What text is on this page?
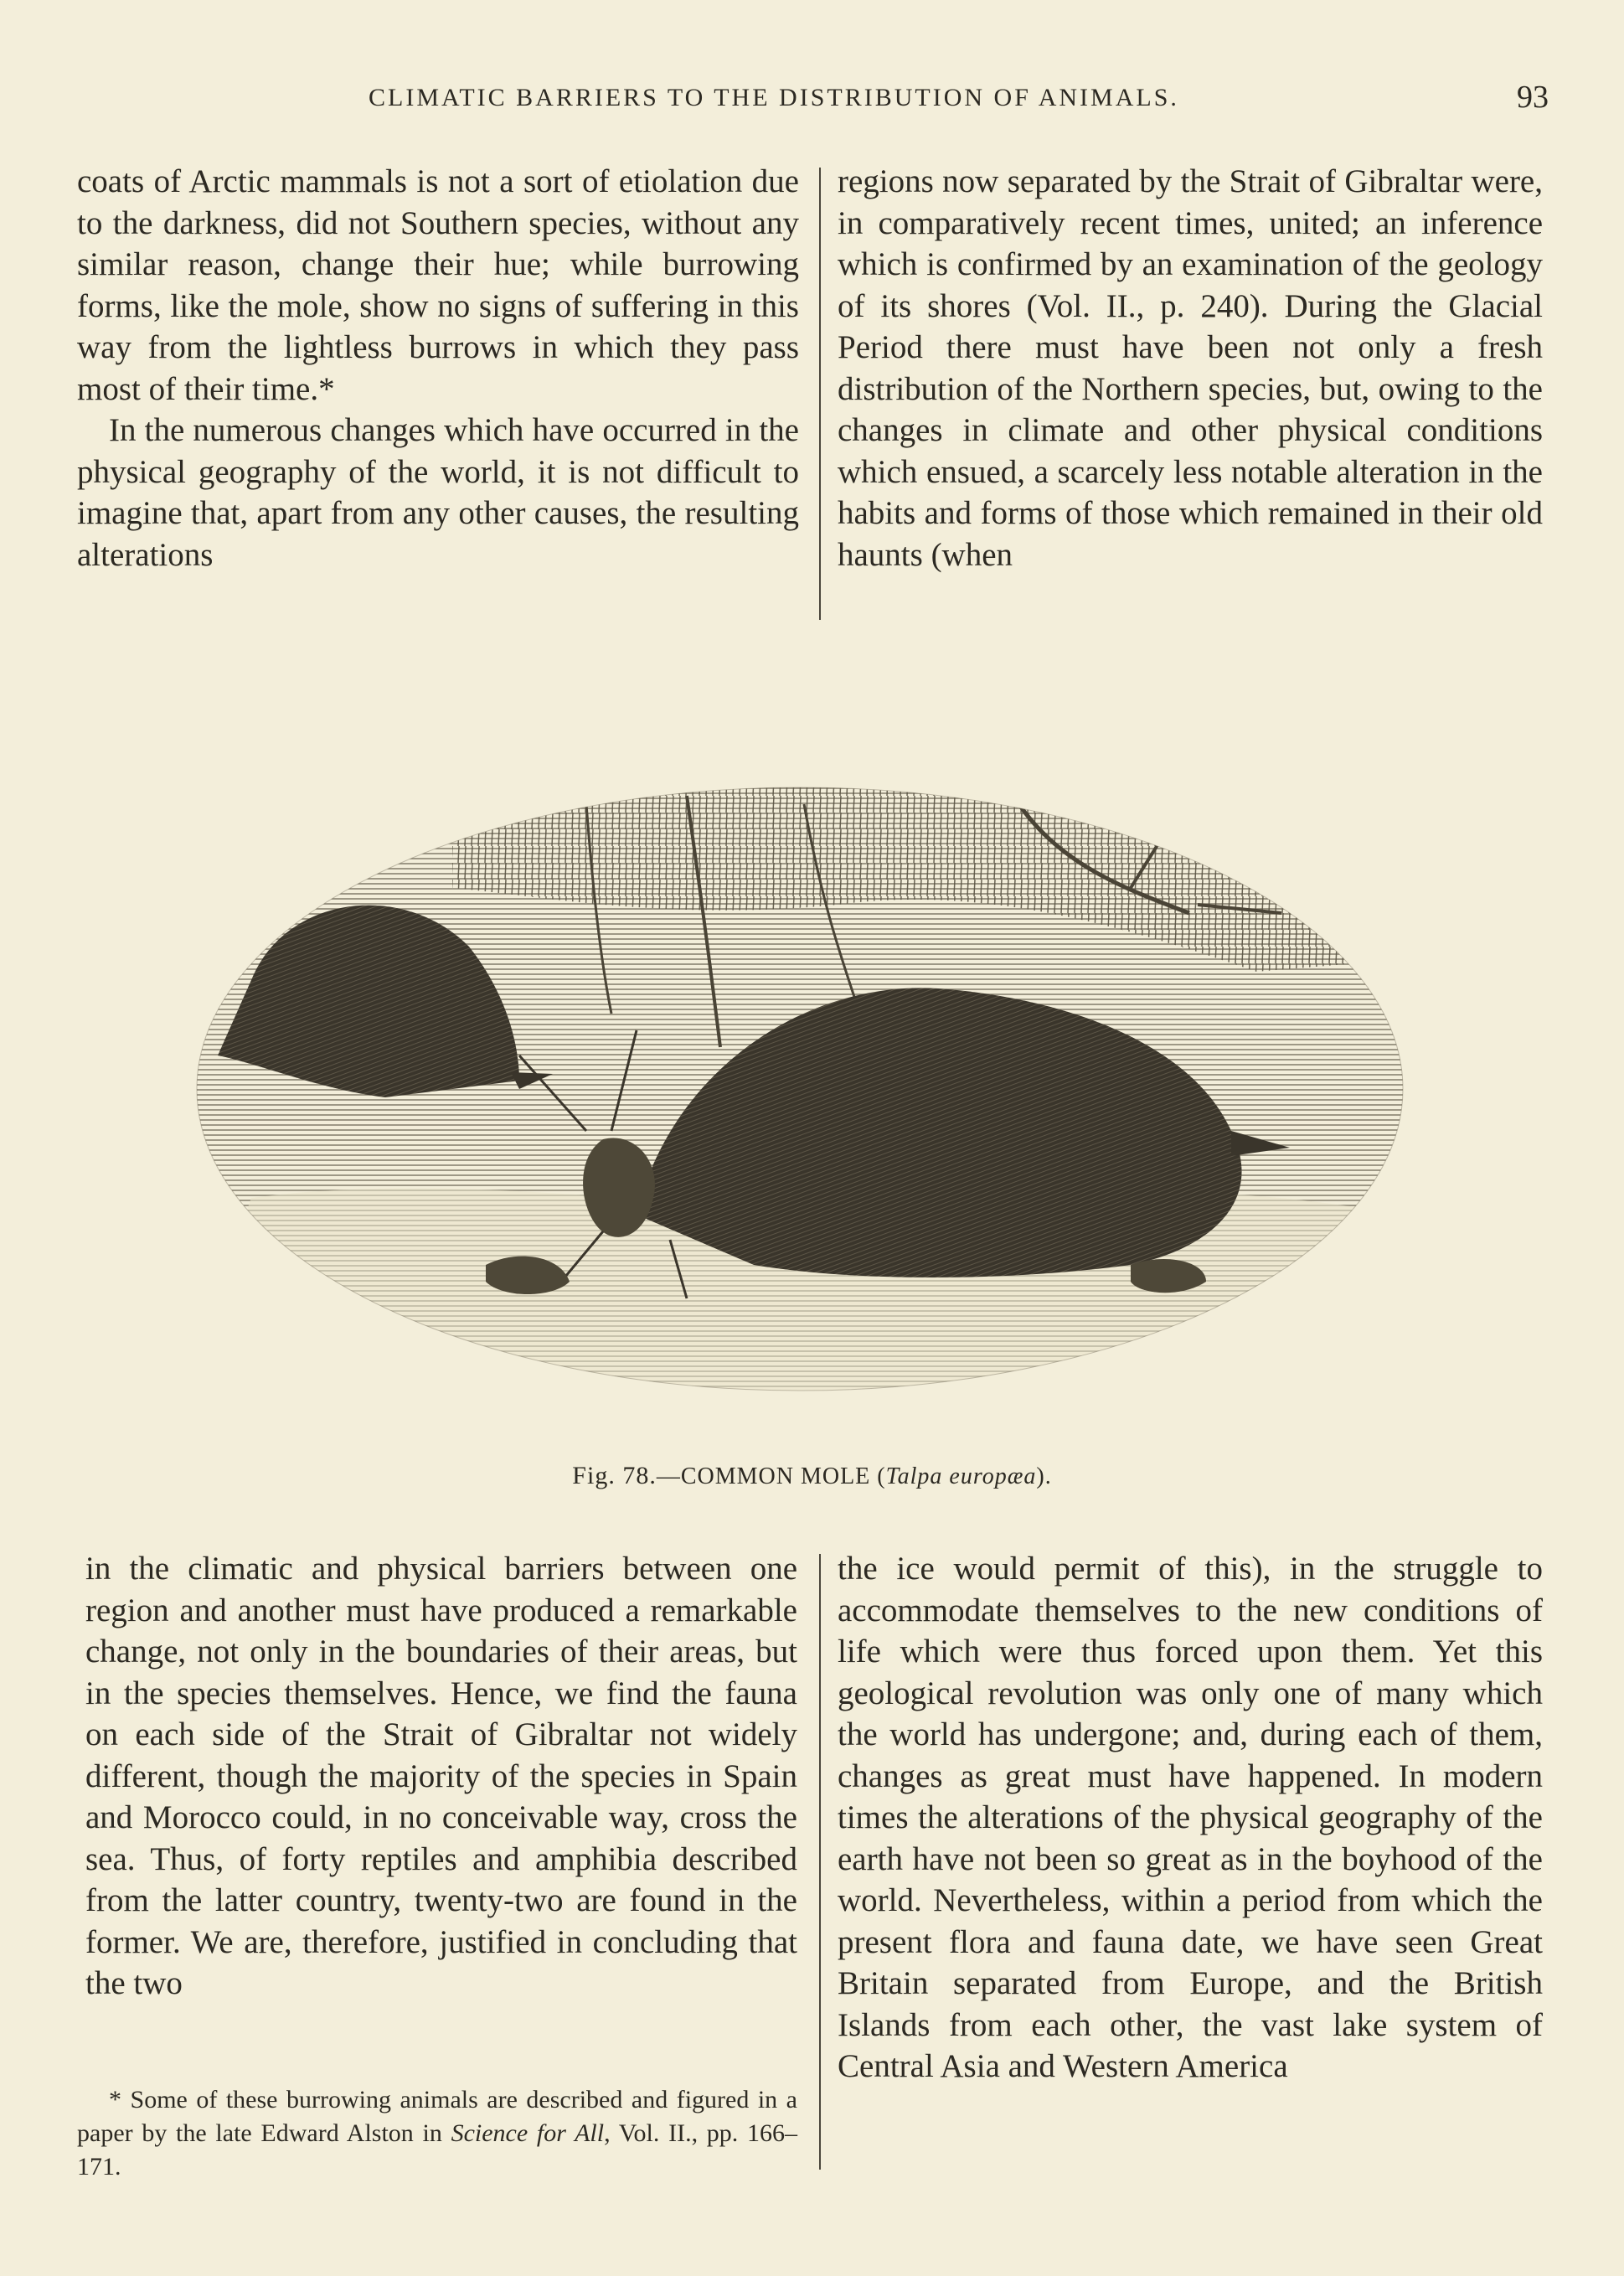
CLIMATIC BARRIERS TO THE DISTRIBUTION OF ANIMALS.	93

coats of Arctic mammals is not a sort of etiolation due to the darkness, did not Southern species, without any similar reason, change their hue; while burrowing forms, like the mole, show no signs of suffering in this way from the lightless burrows in which they pass most of their time.*

In the numerous changes which have occurred in the physical geography of the world, it is not difficult to imagine that, apart from any other causes, the resulting alterations

regions now separated by the Strait of Gibraltar were, in comparatively recent times, united; an inference which is confirmed by an examination of the geology of its shores (Vol. II., p. 240). During the Glacial Period there must have been not only a fresh distribution of the Northern species, but, owing to the changes in climate and other physical conditions which ensued, a scarcely less notable alteration in the habits and forms of those which remained in their old haunts (when

Fig. 78.—COMMON MOLE (Talpa europæa).

in the climatic and physical barriers between one region and another must have produced a remarkable change, not only in the boundaries of their areas, but in the species themselves. Hence, we find the fauna on each side of the Strait of Gibraltar not widely different, though the majority of the species in Spain and Morocco could, in no conceivable way, cross the sea. Thus, of forty reptiles and amphibia described from the latter country, twenty-two are found in the former. We are, therefore, justified in concluding that the two

the ice would permit of this), in the struggle to accommodate themselves to the new conditions of life which were thus forced upon them. Yet this geological revolution was only one of many which the world has undergone; and, during each of them, changes as great must have happened. In modern times the alterations of the physical geography of the earth have not been so great as in the boyhood of the world. Nevertheless, within a period from which the present flora and fauna date, we have seen Great Britain separated from Europe, and the British Islands from each other, the vast lake system of Central Asia and Western America

* Some of these burrowing animals are described and figured in a paper by the late Edward Alston in Science for All, Vol. II., pp. 166–171.
